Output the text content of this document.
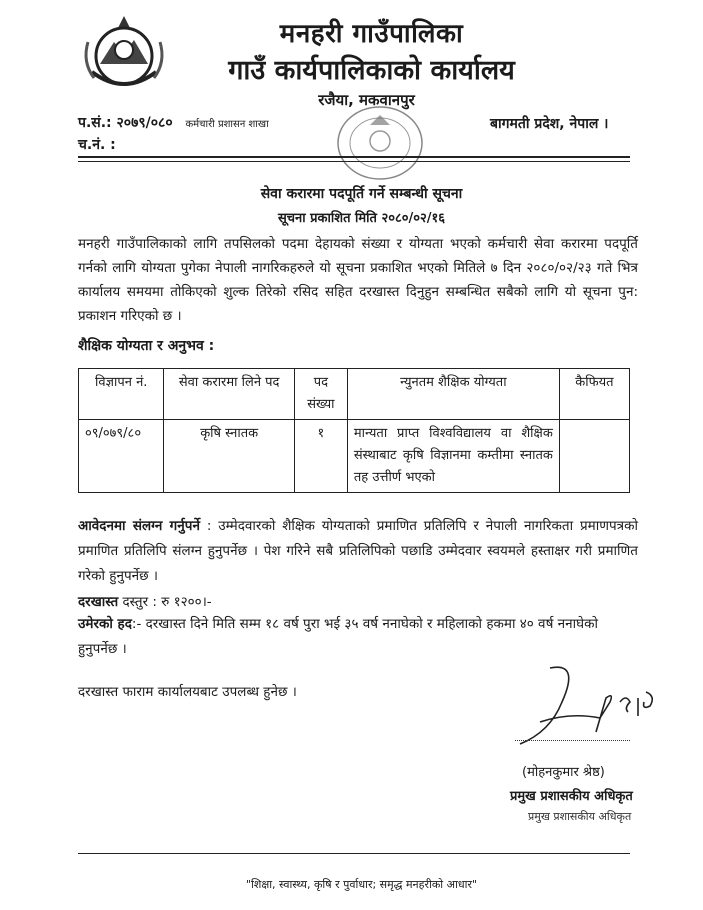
मनहरी गाउँपालिका
गाउँ कार्यपालिकाको कार्यालय
रजैया, मकवानपुर
प.सं.: २०७९/०८० कर्मचारी प्रशासन शाखा	बागमती प्रदेश, नेपाल ।
च.नं. :
सेवा करारमा पदपूर्ति गर्ने सम्बन्धी सूचना
सूचना प्रकाशित मिति २०८०/०२/१६
मनहरी गाउँपालिकाको लागि तपसिलको पदमा देहायको संख्या र योग्यता भएको कर्मचारी सेवा करारमा पदपूर्ति गर्नको लागि योग्यता पुगेका नेपाली नागरिकहरुले यो सूचना प्रकाशित भएको मितिले ७ दिन २०८०/०२/२३ गते भित्र कार्यालय समयमा तोकिएको शुल्क तिरेको रसिद सहित दरखास्त दिनुहुन सम्बन्धित सबैको लागि यो सूचना पुन: प्रकाशन गरिएको छ ।
शैक्षिक योग्यता र अनुभव :
विज्ञापन नं.	सेवा करारमा लिने पद	पद संख्या	न्युनतम शैक्षिक योग्यता	कैफियत
०९/०७९/८०	कृषि स्नातक	१	मान्यता प्राप्त विश्वविद्यालय वा शैक्षिक संस्थाबाट कृषि विज्ञानमा कम्तीमा स्नातक तह उत्तीर्ण भएको	
आवेदनमा संलग्न गर्नुपर्ने : उम्मेदवारको शैक्षिक योग्यताको प्रमाणित प्रतिलिपि र नेपाली नागरिकता प्रमाणपत्रको प्रमाणित प्रतिलिपि संलग्न हुनुपर्नेछ । पेश गरिने सबै प्रतिलिपिको पछाडि उम्मेदवार स्वयमले हस्ताक्षर गरी प्रमाणित गरेको हुनुपर्नेछ ।
दरखास्त दस्तुर : रु १२००।-
उमेरको हद:- दरखास्त दिने मिति सम्म १८ वर्ष पुरा भई ३५ वर्ष ननाघेको र महिलाको हकमा ४० वर्ष ननाघेको हुनुपर्नेछ ।
दरखास्त फाराम कार्यालयबाट उपलब्ध हुनेछ ।
(मोहनकुमार श्रेष्ठ)
प्रमुख प्रशासकीय अधिकृत
प्रमुख प्रशासकीय अधिकृत
"शिक्षा, स्वास्थ्य, कृषि र पुर्वाधार; समृद्ध मनहरीको आधार"
